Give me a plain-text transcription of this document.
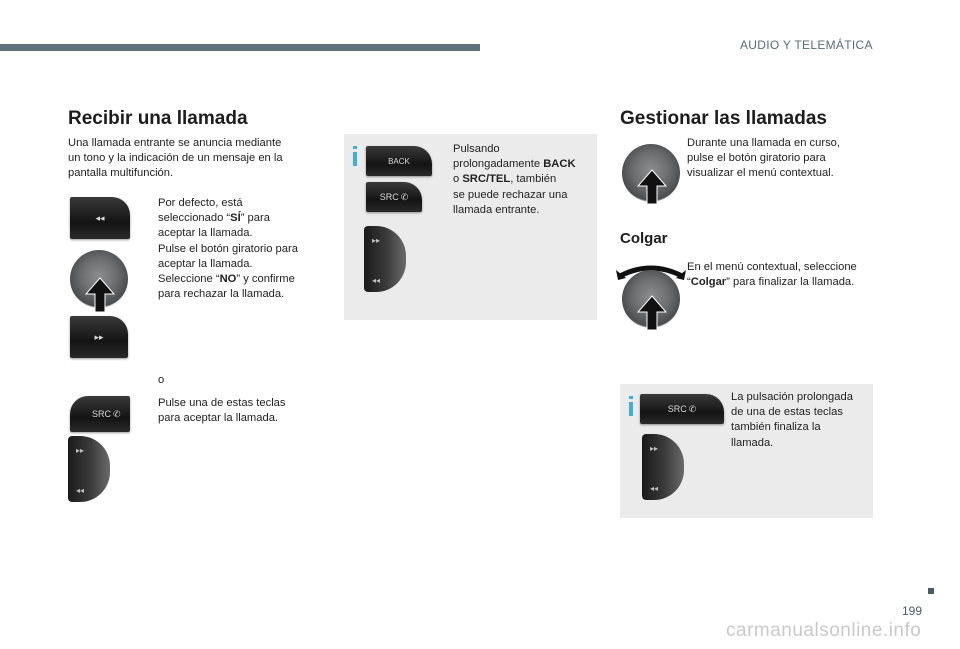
AUDIO Y TELEMÁTICA
Recibir una llamada
Una llamada entrante se anuncia mediante
un tono y la indicación de un mensaje en la
pantalla multifunción.
◂◂
▸▸
Por defecto, está
seleccionado “SÍ” para
aceptar la llamada.
Pulse el botón giratorio para
aceptar la llamada.
Seleccione “NO” y confirme
para rechazar la llamada.
o
SRC ✆

Pulse una de estas teclas
para aceptar la llamada.

▸▸
◂◂
BACK
SRC ✆
▸▸
◂◂
Pulsando
prolongadamente BACK
o SRC/TEL, también
se puede rechazar una
llamada entrante.
Gestionar las llamadas
Durante una llamada en curso,
pulse el botón giratorio para
visualizar el menú contextual.
Colgar
En el menú contextual, seleccione
“Colgar” para finalizar la llamada.
SRC ✆
▸▸
◂◂
La pulsación prolongada
de una de estas teclas
también finaliza la
llamada.
199
carmanualsonline.info
